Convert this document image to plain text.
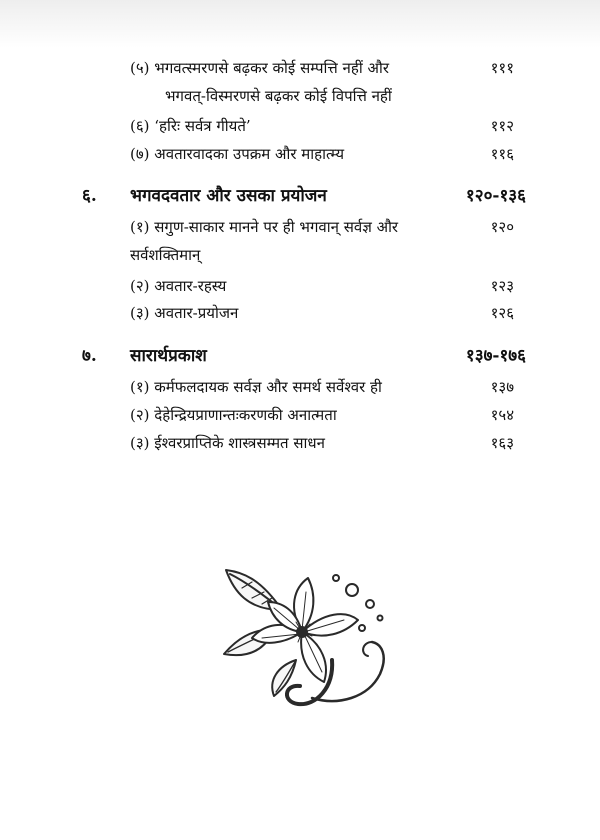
(५) भगवत्स्मरणसे बढ़कर कोई सम्पत्ति नहीं और	१११
भगवत्-विस्मरणसे बढ़कर कोई विपत्ति नहीं
(६) ‘हरिः सर्वत्र गीयते’	११२
(७) अवतारवादका उपक्रम और माहात्म्य	११६
६. भगवदवतार और उसका प्रयोजन	१२०-१३६
(१) सगुण-साकार मानने पर ही भगवान् सर्वज्ञ और	१२०
सर्वशक्तिमान्
(२) अवतार-रहस्य	१२३
(३) अवतार-प्रयोजन	१२६
७. सारार्थप्रकाश	१३७-१७६
(१) कर्मफलदायक सर्वज्ञ और समर्थ सर्वेश्वर ही	१३७
(२) देहेन्द्रियप्राणान्तःकरणकी अनात्मता	१५४
(३) ईश्वरप्राप्तिके शास्त्रसम्मत साधन	१६३
